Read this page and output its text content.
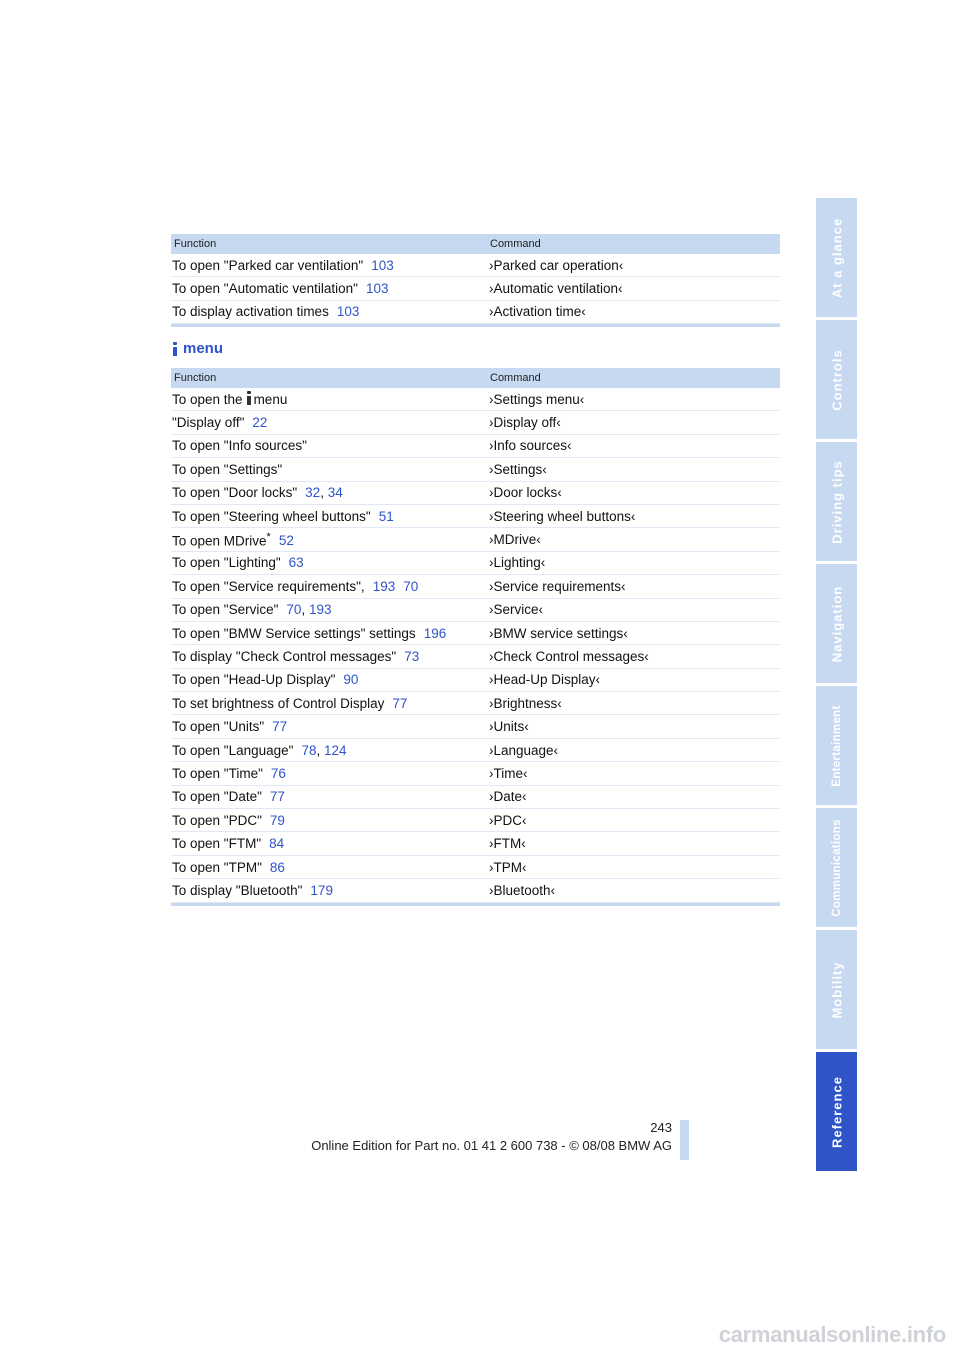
Function	Command
To open "Parked car ventilation" 103	›Parked car operation‹
To open "Automatic ventilation" 103	›Automatic ventilation‹
To display activation times 103	›Activation time‹
menu
Function	Command
To open the menu	›Settings menu‹
"Display off" 22	›Display off‹
To open "Info sources"	›Info sources‹
To open "Settings"	›Settings‹
To open "Door locks" 32, 34	›Door locks‹
To open "Steering wheel buttons" 51	›Steering wheel buttons‹
To open MDrive* 52	›MDrive‹
To open "Lighting" 63	›Lighting‹
To open "Service requirements", 193 70	›Service requirements‹
To open "Service" 70, 193	›Service‹
To open "BMW Service settings" settings 196	›BMW service settings‹
To display "Check Control messages" 73	›Check Control messages‹
To open "Head-Up Display" 90	›Head-Up Display‹
To set brightness of Control Display 77	›Brightness‹
To open "Units" 77	›Units‹
To open "Language" 78, 124	›Language‹
To open "Time" 76	›Time‹
To open "Date" 77	›Date‹
To open "PDC" 79	›PDC‹
To open "FTM" 84	›FTM‹
To open "TPM" 86	›TPM‹
To display "Bluetooth" 179	›Bluetooth‹
At a glance
Controls
Driving tips
Navigation
Entertainment
Communications
Mobility
Reference
243
Online Edition for Part no. 01 41 2 600 738 - © 08/08 BMW AG
carmanualsonline.info
